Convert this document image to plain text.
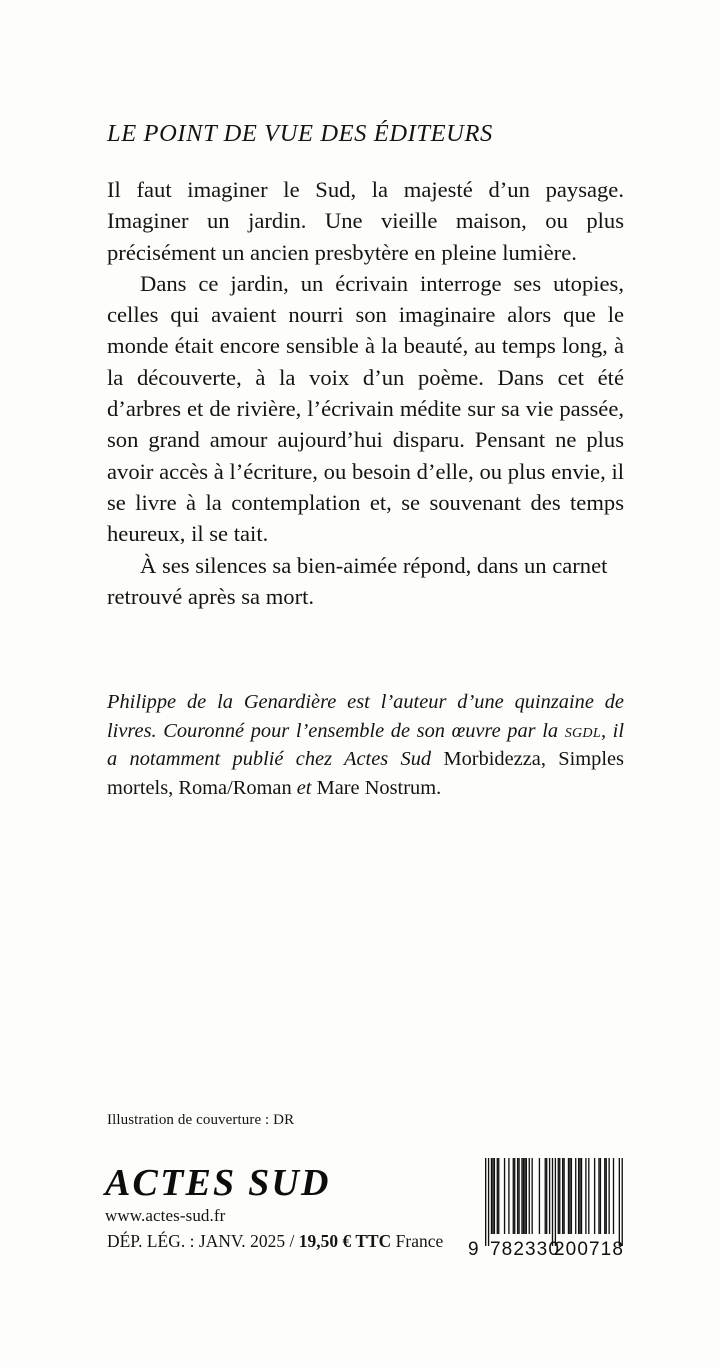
LE POINT DE VUE DES ÉDITEURS

Il faut imaginer le Sud, la majesté d’un paysage. Imaginer un jardin. Une vieille maison, ou plus précisément un ancien presbytère en pleine lumière.

Dans ce jardin, un écrivain interroge ses utopies, celles qui avaient nourri son imaginaire alors que le monde était encore sensible à la beauté, au temps long, à la découverte, à la voix d’un poème. Dans cet été d’arbres et de rivière, l’écrivain médite sur sa vie passée, son grand amour aujourd’hui disparu. Pensant ne plus avoir accès à l’écriture, ou besoin d’elle, ou plus envie, il se livre à la contemplation et, se souvenant des temps heureux, il se tait.

À ses silences sa bien-aimée répond, dans un carnet retrouvé après sa mort.

Philippe de la Genardière est l’auteur d’une quinzaine de livres. Couronné pour l’ensemble de son œuvre par la sgdl, il a notamment publié chez Actes Sud Morbidezza, Simples mortels, Roma/Roman et Mare Nostrum.

Illustration de couverture : DR
ACTES SUD
www.actes-sud.fr
DÉP. LÉG. : JANV. 2025 / 19,50 € TTC France 9 782330
200718
